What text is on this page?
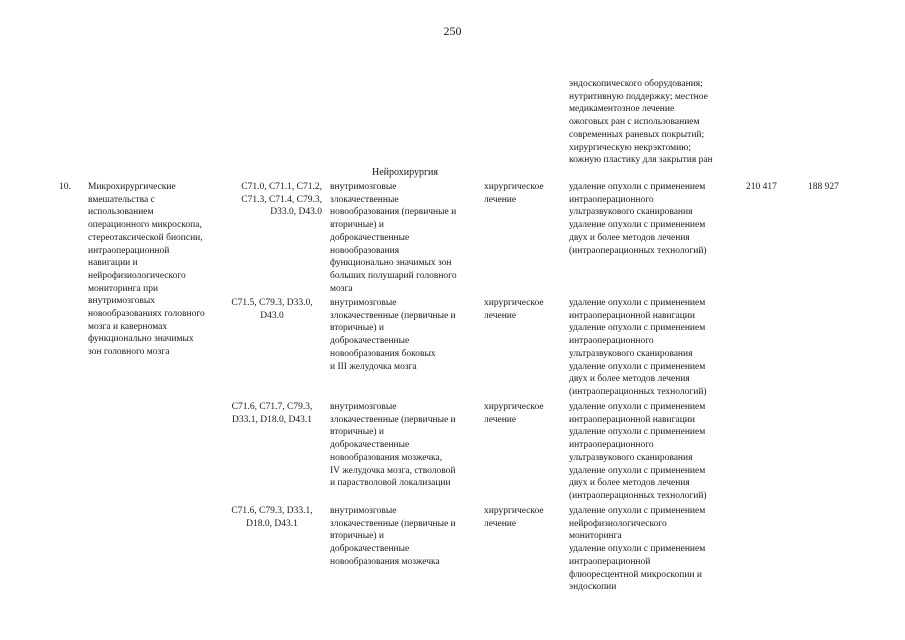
250
эндоскопического оборудования;
нутритивную поддержку; местное
медикаментозное лечение
ожоговых ран с использованием
современных раневых покрытий;
хирургическую некрэктомию;
кожную пластику для закрытия ран
Нейрохирургия
10.	Микрохирургические
вмешательства с
использованием
операционного микроскопа,
стереотаксической биопсии,
интраоперационной
навигации и
нейрофизиологического
мониторинга при
внутримозговых
новообразованиях головного
мозга и каверномах
функционально значимых
зон головного мозга
210 417	188 927
C71.0, C71.1, C71.2,
C71.3, C71.4, C79.3,
D33.0, D43.0
внутримозговые
злокачественные
новообразования (первичные и
вторичные) и
доброкачественные
новообразования
функционально значимых зон
больших полушарий головного
мозга
хирургическое
лечение
удаление опухоли с применением
интраоперационного
ультразвукового сканирования
удаление опухоли с применением
двух и более методов лечения
(интраоперационных технологий)
C71.5, C79.3, D33.0,
D43.0
внутримозговые
злокачественные (первичные и
вторичные) и
доброкачественные
новообразования боковых
и III желудочка мозга
хирургическое
лечение
удаление опухоли с применением
интраоперационной навигации
удаление опухоли с применением
интраоперационного
ультразвукового сканирования
удаление опухоли с применением
двух и более методов лечения
(интраоперационных технологий)
C71.6, C71.7, C79.3,
D33.1, D18.0, D43.1
внутримозговые
злокачественные (первичные и
вторичные) и
доброкачественные
новообразования мозжечка,
IV желудочка мозга, стволовой
и парастволовой локализации
хирургическое
лечение
удаление опухоли с применением
интраоперационной навигации
удаление опухоли с применением
интраоперационного
ультразвукового сканирования
удаление опухоли с применением
двух и более методов лечения
(интраоперационных технологий)
C71.6, C79.3, D33.1,
D18.0, D43.1
внутримозговые
злокачественные (первичные и
вторичные) и
доброкачественные
новообразования мозжечка
хирургическое
лечение
удаление опухоли с применением
нейрофизиологического
мониторинга
удаление опухоли с применением
интраоперационной
флюоресцентной микроскопии и
эндоскопии
